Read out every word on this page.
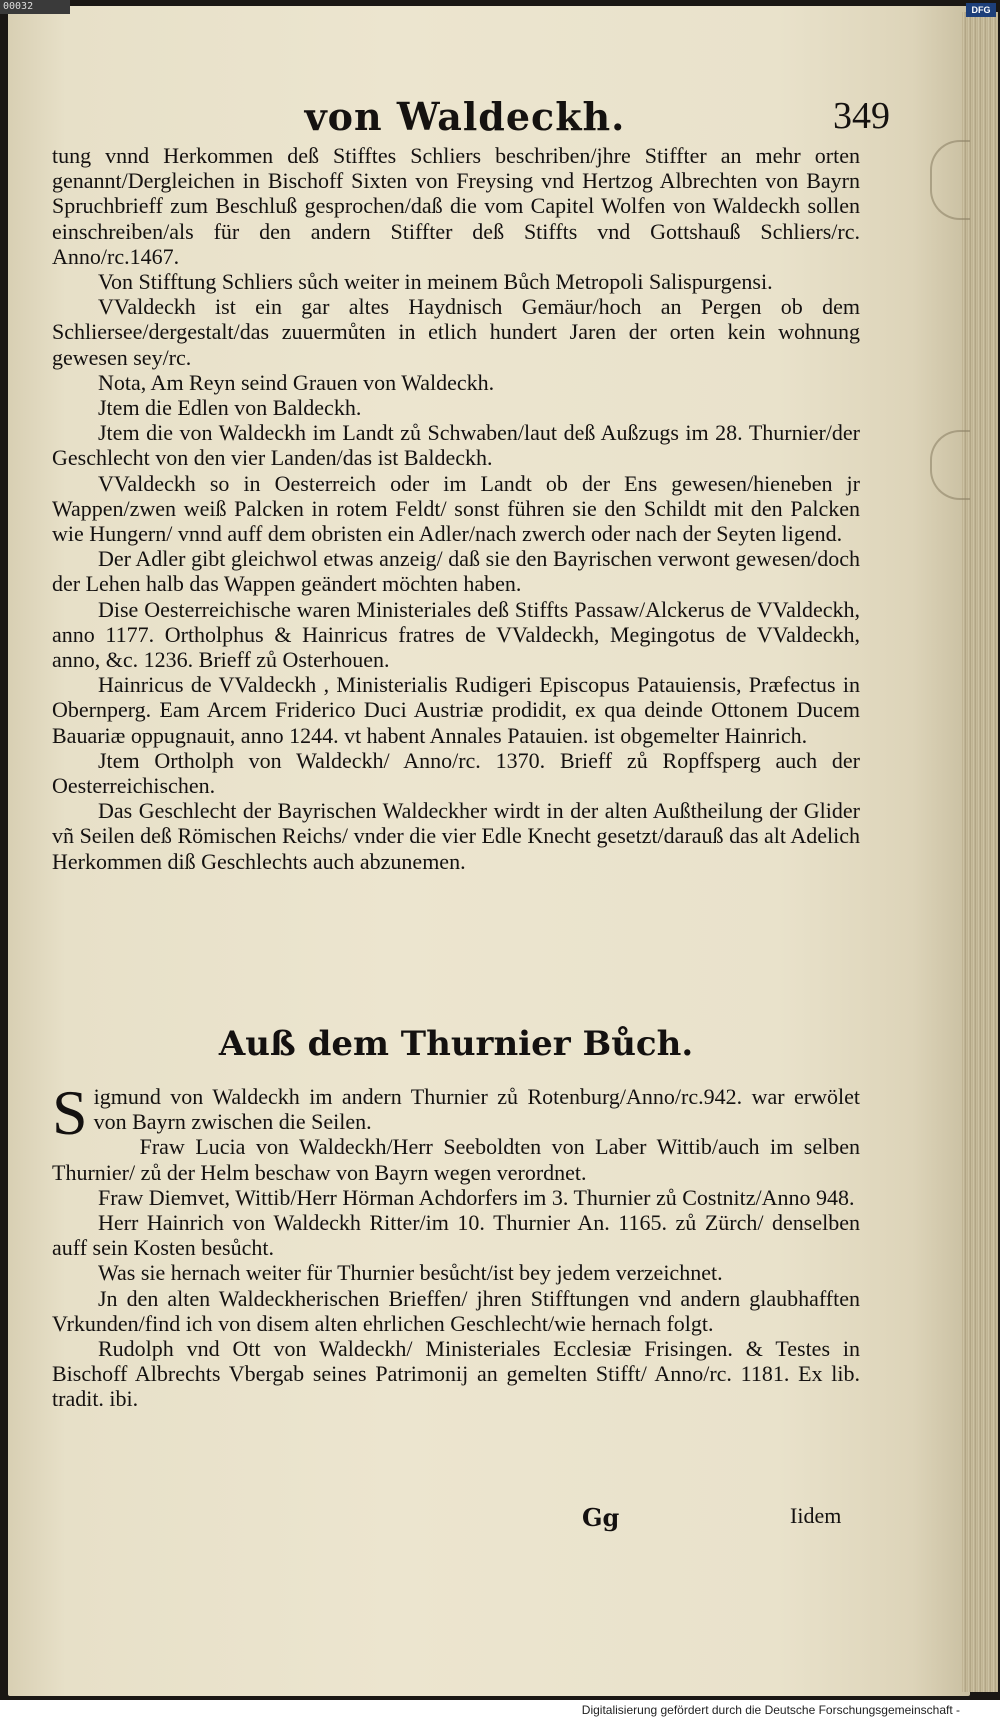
00032
von Waldeckh.	349

tung vnnd Herkommen deß Stifftes Schliers beschriben/jhre Stiffter an mehr orten genannt/Dergleichen in Bischoff Sixten von Freysing vnd Hertzog Albrechten von Bayrn Spruchbrieff zum Beschluß gesprochen/daß die vom Capitel Wolfen von Waldeckh sollen einschreiben/als für den andern Stiffter deß Stiffts vnd Gottshauß Schliers/rc. Anno/rc.1467.

Von Stifftung Schliers sůch weiter in meinem Bůch Metropoli Salispurgensi.

VValdeckh ist ein gar altes Haydnisch Gemäur/hoch an Pergen ob dem Schliersee/dergestalt/das zuuermůten in etlich hundert Jaren der orten kein wohnung gewesen sey/rc.

Nota, Am Reyn seind Grauen von Waldeckh.

Jtem die Edlen von Baldeckh.

Jtem die von Waldeckh im Landt zů Schwaben/laut deß Außzugs im 28. Thurnier/der Geschlecht von den vier Landen/das ist Baldeckh.

VValdeckh so in Oesterreich oder im Landt ob der Ens gewesen/hieneben jr Wappen/zwen weiß Palcken in rotem Feldt/ sonst führen sie den Schildt mit den Palcken wie Hungern/ vnnd auff dem obristen ein Adler/nach zwerch oder nach der Seyten ligend.

Der Adler gibt gleichwol etwas anzeig/ daß sie den Bayrischen verwont gewesen/doch der Lehen halb das Wappen geändert möchten haben.

Dise Oesterreichische waren Ministeriales deß Stiffts Passaw/Alckerus de VValdeckh, anno 1177. Ortholphus & Hainricus fratres de VValdeckh, Megingotus de VValdeckh, anno, &c. 1236. Brieff zů Osterhouen.

Hainricus de VValdeckh , Ministerialis Rudigeri Episcopus Patauiensis, Præfectus in Obernperg. Eam Arcem Friderico Duci Austriæ prodidit, ex qua deinde Ottonem Ducem Bauariæ oppugnauit, anno 1244. vt habent Annales Patauien. ist obgemelter Hainrich.

Jtem Ortholph von Waldeckh/ Anno/rc. 1370. Brieff zů Ropffsperg auch der Oesterreichischen.

Das Geschlecht der Bayrischen Waldeckher wirdt in der alten Außtheilung der Glider vñ Seilen deß Römischen Reichs/ vnder die vier Edle Knecht gesetzt/darauß das alt Adelich Herkommen diß Geschlechts auch abzunemen.

Auß dem Thurnier Bůch.

Sigmund von Waldeckh im andern Thurnier zů Rotenburg/Anno/rc.942. war erwölet von Bayrn zwischen die Seilen.

Fraw Lucia von Waldeckh/Herr Seeboldten von Laber Wittib/auch im selben Thurnier/ zů der Helm beschaw von Bayrn wegen verordnet.

Fraw Diemvet, Wittib/Herr Hörman Achdorfers im 3. Thurnier zů Costnitz/Anno 948.

Herr Hainrich von Waldeckh Ritter/im 10. Thurnier An. 1165. zů Zürch/ denselben auff sein Kosten besůcht.

Was sie hernach weiter für Thurnier besůcht/ist bey jedem verzeichnet.

Jn den alten Waldeckherischen Brieffen/ jhren Stifftungen vnd andern glaubhafften Vrkunden/find ich von disem alten ehrlichen Geschlecht/wie hernach folgt.

Rudolph vnd Ott von Waldeckh/ Ministeriales Ecclesiæ Frisingen. & Testes in Bischoff Albrechts Vbergab seines Patrimonij an gemelten Stifft/ Anno/rc. 1181. Ex lib. tradit. ibi.

Gg	Iidem
Digitalisierung gefördert durch die Deutsche Forschungsgemeinschaft -
DFG
